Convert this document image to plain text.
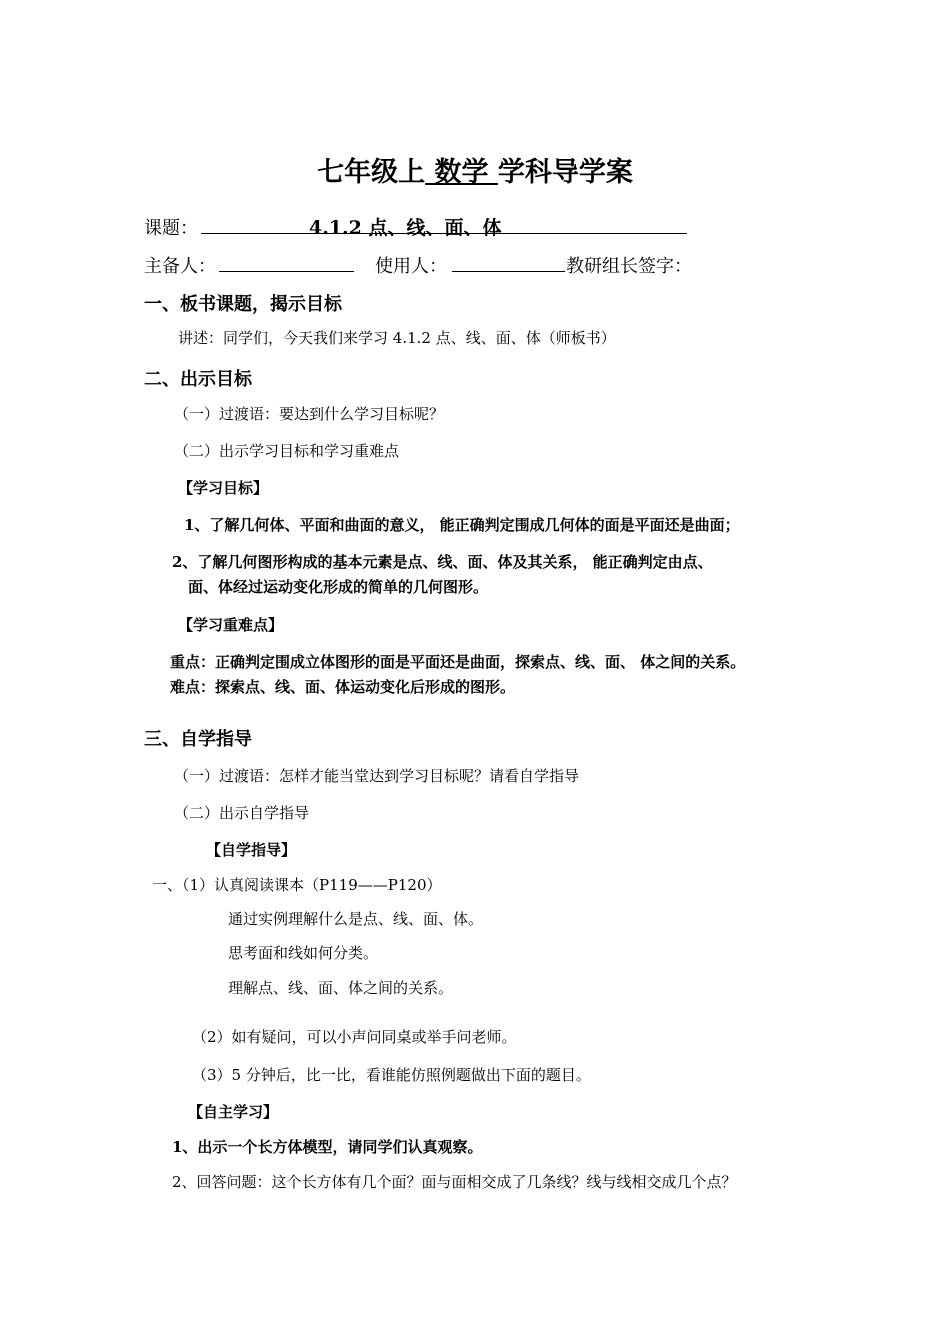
七年级上 数学 学科导学案
课题：	4.1.2 点、线、面、体
主备人：	使用人：	教研组长签字：
一、板书课题，揭示目标
讲述：同学们，今天我们来学习 4.1.2 点、线、面、体（师板书）
二、出示目标
（一）过渡语：要达到什么学习目标呢？
（二）出示学习目标和学习重难点
【学习目标】
1、了解几何体、平面和曲面的意义， 能正确判定围成几何体的面是平面还是曲面；
2、了解几何图形构成的基本元素是点、线、面、体及其关系， 能正确判定由点、
面、体经过运动变化形成的简单的几何图形。
【学习重难点】
重点：正确判定围成立体图形的面是平面还是曲面，探索点、线、面、 体之间的关系。
难点：探索点、线、面、体运动变化后形成的图形。
三、自学指导
（一）过渡语：怎样才能当堂达到学习目标呢？请看自学指导
（二）出示自学指导
【自学指导】
一、（1）认真阅读课本（P119——P120）
通过实例理解什么是点、线、面、体。
思考面和线如何分类。
理解点、线、面、体之间的关系。
（2）如有疑问，可以小声问同桌或举手问老师。
（3）5 分钟后，比一比，看谁能仿照例题做出下面的题目。
【自主学习】
1、出示一个长方体模型，请同学们认真观察。
2、回答问题：这个长方体有几个面？面与面相交成了几条线？线与线相交成几个点？
